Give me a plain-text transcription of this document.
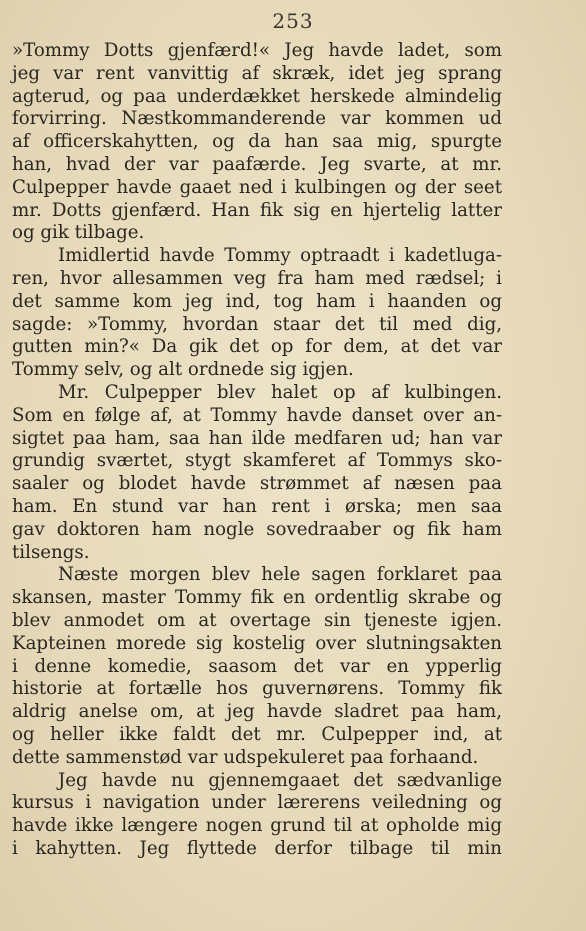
253
»Tommy Dotts gjenfærd!« Jeg havde ladet, som
jeg var rent vanvittig af skræk, idet jeg sprang
agterud, og paa underdækket herskede almindelig
forvirring. Næstkommanderende var kommen ud
af officerskahytten, og da han saa mig, spurgte
han, hvad der var paafærde. Jeg svarte, at mr.
Culpepper havde gaaet ned i kulbingen og der seet
mr. Dotts gjenfærd. Han fik sig en hjertelig latter
og gik tilbage.
Imidlertid havde Tommy optraadt i kadetluga-
ren, hvor allesammen veg fra ham med rædsel; i
det samme kom jeg ind, tog ham i haanden og
sagde: »Tommy, hvordan staar det til med dig,
gutten min?« Da gik det op for dem, at det var
Tommy selv, og alt ordnede sig igjen.
Mr. Culpepper blev halet op af kulbingen.
Som en følge af, at Tommy havde danset over an-
sigtet paa ham, saa han ilde medfaren ud; han var
grundig sværtet, stygt skamferet af Tommys sko-
saaler og blodet havde strømmet af næsen paa
ham. En stund var han rent i ørska; men saa
gav doktoren ham nogle sovedraaber og fik ham
tilsengs.
Næste morgen blev hele sagen forklaret paa
skansen, master Tommy fik en ordentlig skrabe og
blev anmodet om at overtage sin tjeneste igjen.
Kapteinen morede sig kostelig over slutningsakten
i denne komedie, saasom det var en ypperlig
historie at fortælle hos guvernørens. Tommy fik
aldrig anelse om, at jeg havde sladret paa ham,
og heller ikke faldt det mr. Culpepper ind, at
dette sammenstød var udspekuleret paa forhaand.
Jeg havde nu gjennemgaaet det sædvanlige
kursus i navigation under lærerens veiledning og
havde ikke længere nogen grund til at opholde mig
i kahytten. Jeg flyttede derfor tilbage til min
